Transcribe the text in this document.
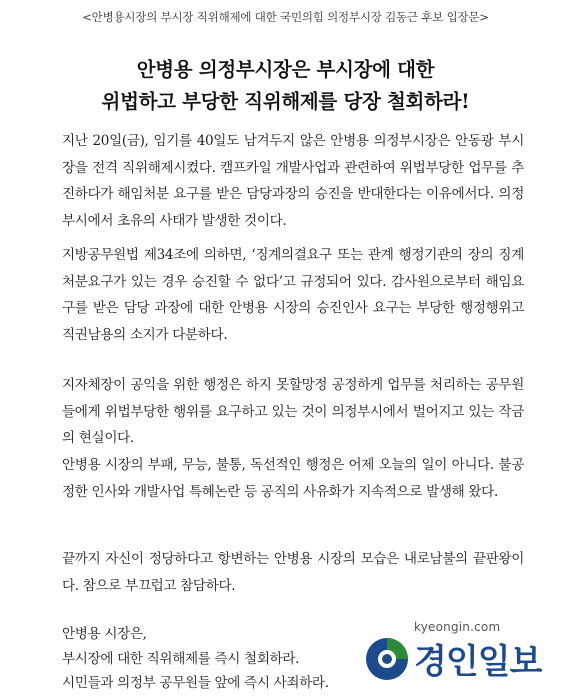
<안병용시장의 부시장 직위해제에 대한 국민의힘 의정부시장 김동근 후보 입장문>
안병용 의정부시장은 부시장에 대한
위법하고 부당한 직위해제를 당장 철회하라!
지난 20일(금), 임기를 40일도 남겨두지 않은 안병용 의정부시장은 안동광 부시장을 전격 직위해제시켰다. 캠프카일 개발사업과 관련하여 위법부당한 업무를 추진하다가 해임처분 요구를 받은 담당과장의 승진을 반대한다는 이유에서다. 의정부시에서 초유의 사태가 발생한 것이다.
지방공무원법 제34조에 의하면, ‘징계의결요구 또는 관계 행정기관의 장의 징계처분요구가 있는 경우 승진할 수 없다’고 규정되어 있다. 감사원으로부터 해임요구를 받은 담당 과장에 대한 안병용 시장의 승진인사 요구는 부당한 행정행위고 직권남용의 소지가 다분하다.
지자체장이 공익을 위한 행정은 하지 못할망정 공정하게 업무를 처리하는 공무원들에게 위법부당한 행위를 요구하고 있는 것이 의정부시에서 벌어지고 있는 작금의 현실이다.
안병용 시장의 부패, 무능, 불통, 독선적인 행정은 어제 오늘의 일이 아니다. 불공정한 인사와 개발사업 특혜논란 등 공직의 사유화가 지속적으로 발생해 왔다.
끝까지 자신이 정당하다고 항변하는 안병용 시장의 모습은 내로남불의 끝판왕이다. 참으로 부끄럽고 참담하다.
안병용 시장은,
부시장에 대한 직위해제를 즉시 철회하라.
시민들과 의정부 공무원들 앞에 즉시 사죄하라.
kyeongin.com
경인일보
